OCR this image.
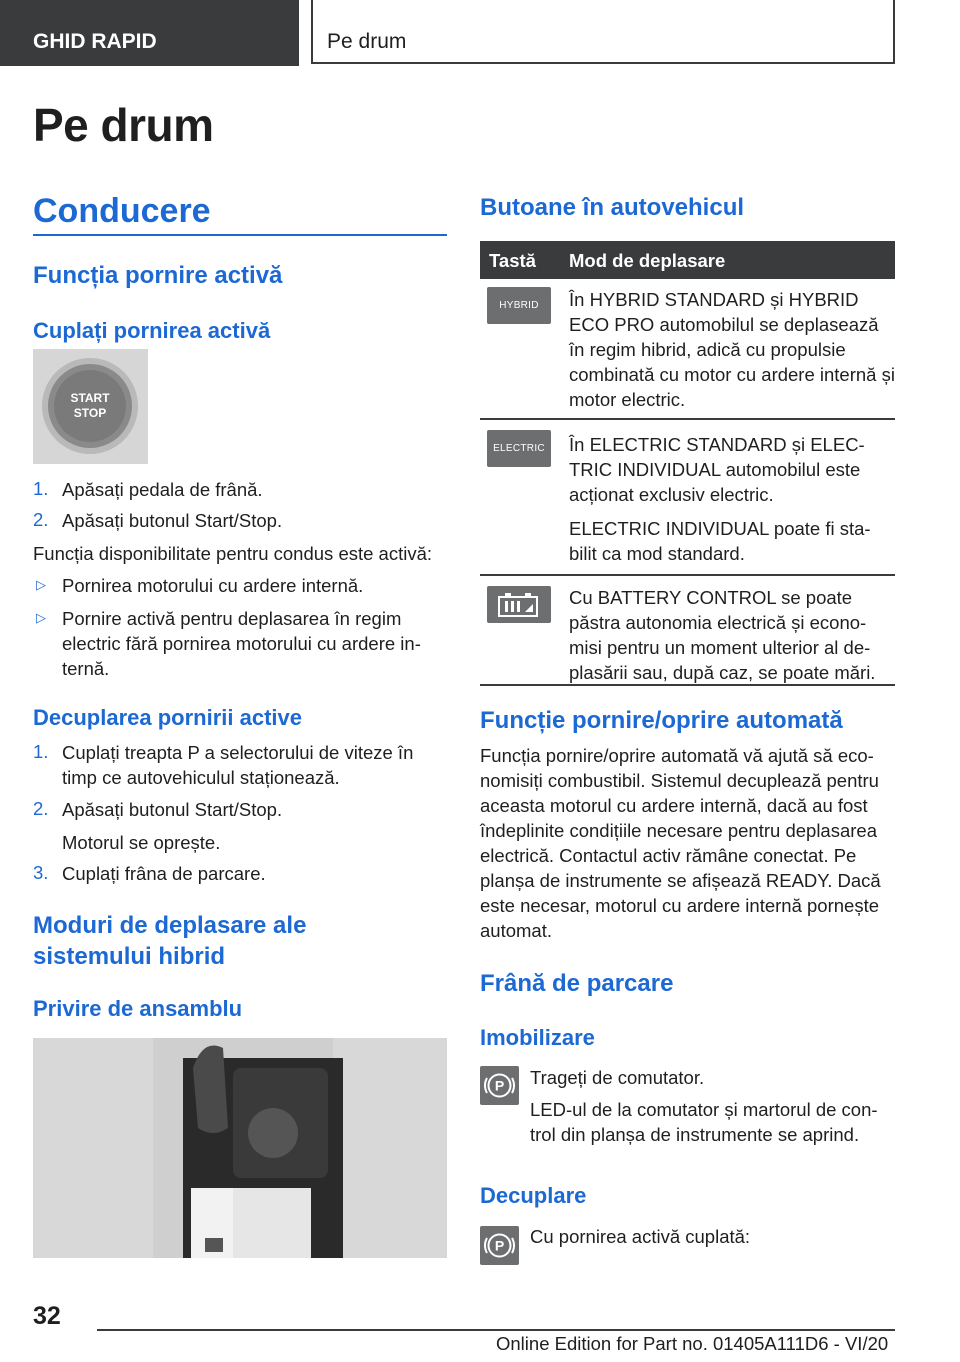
GHID RAPID	Pe drum
Pe drum
Conducere
Funcția pornire activă
Cuplați pornirea activă
START
STOP
1. Apăsați pedala de frână.

2. Apăsați butonul Start/Stop.

Funcția disponibilitate pentru condus este activă:

▷ Pornirea motorului cu ardere internă.

▷ Pornire activă pentru deplasarea în regim electric fără pornirea motorului cu ardere in- ternă.

Decuplarea pornirii active
1. Cuplați treapta P a selectorului de viteze în timp ce autovehiculul staționează.

2. Apăsați butonul Start/Stop.

Motorul se oprește.

3. Cuplați frâna de parcare.

Moduri de deplasare ale sistemului hibrid
Privire de ansamblu
Butoane în autovehicul
Tastă Mod de deplasare
HYBRID	În HYBRID STANDARD și HYBRID ECO PRO automobilul se deplasează în regim hibrid, adică cu propulsie combinată cu motor cu ardere internă și motor electric.
ELECTRIC	În ELECTRIC STANDARD și ELEC- TRIC INDIVIDUAL automobilul este acționat exclusiv electric.
ELECTRIC INDIVIDUAL poate fi sta- bilit ca mod standard.
Cu BATTERY CONTROL se poate păstra autonomia electrică și econo- misi pentru un moment ulterior al de- plasării sau, după caz, se poate mări.
Funcție pornire/oprire automată

Funcția pornire/oprire automată vă ajută să eco- nomisiți combustibil. Sistemul decuplează pentru aceasta motorul cu ardere internă, dacă au fost îndeplinite condițiile necesare pentru deplasarea electrică. Contactul activ rămâne conectat. Pe planșa de instrumente se afișează READY. Dacă este necesar, motorul cu ardere internă pornește automat.

Frână de parcare
Imobilizare
P Trageți de comutator.

LED-ul de la comutator și martorul de con- trol din planșa de instrumente se aprind.

Decuplare
P Cu pornirea activă cuplată:

32
Online Edition for Part no. 01405A111D6 - VI/20
